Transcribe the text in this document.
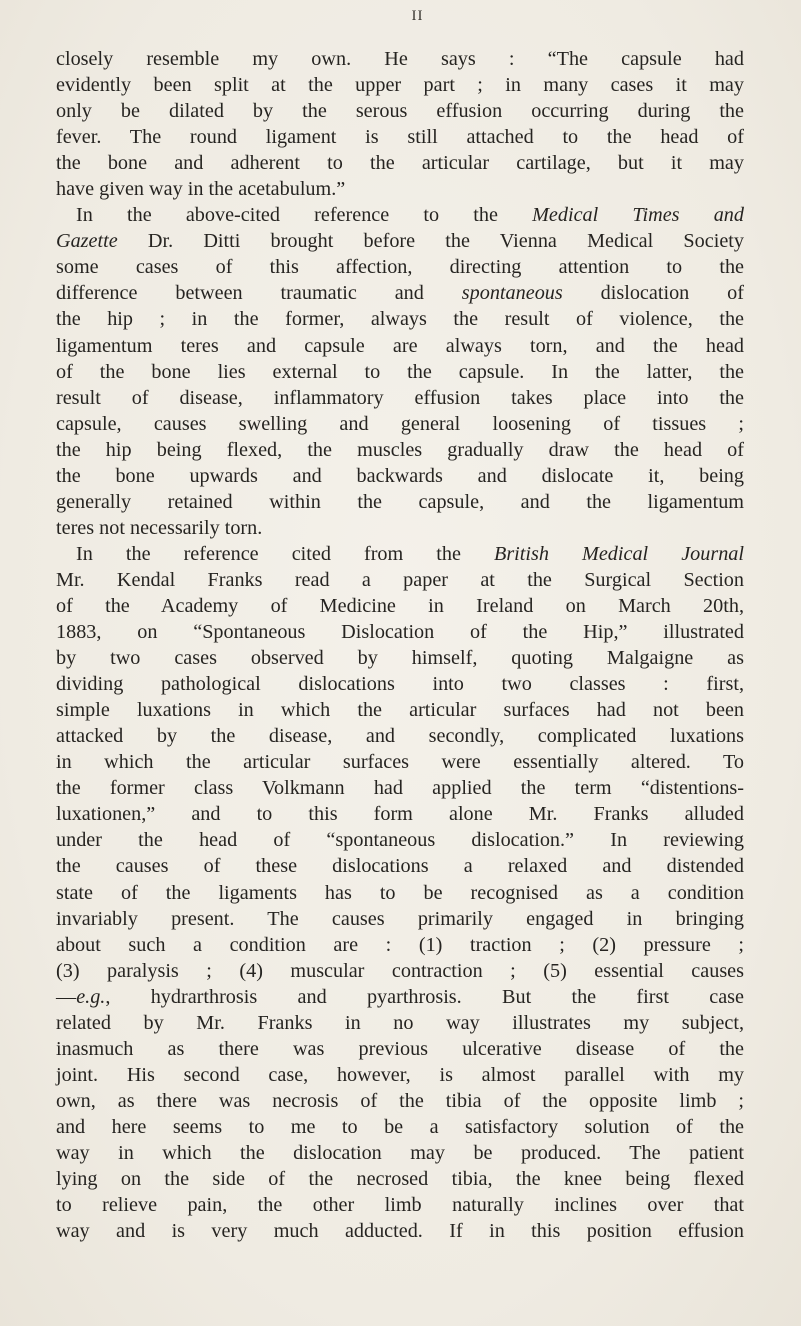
II
closely resemble my own. He says : “The capsule had
evidently been split at the upper part ; in many cases it may
only be dilated by the serous effusion occurring during the
fever. The round ligament is still attached to the head of
the bone and adherent to the articular cartilage, but it may
have given way in the acetabulum.”
In the above-cited reference to the Medical Times and
Gazette Dr. Ditti brought before the Vienna Medical Society
some cases of this affection, directing attention to the
difference between traumatic and spontaneous dislocation of
the hip ; in the former, always the result of violence, the
ligamentum teres and capsule are always torn, and the head
of the bone lies external to the capsule. In the latter, the
result of disease, inflammatory effusion takes place into the
capsule, causes swelling and general loosening of tissues ;
the hip being flexed, the muscles gradually draw the head of
the bone upwards and backwards and dislocate it, being
generally retained within the capsule, and the ligamentum
teres not necessarily torn.
In the reference cited from the British Medical Journal
Mr. Kendal Franks read a paper at the Surgical Section
of the Academy of Medicine in Ireland on March 20th,
1883, on “Spontaneous Dislocation of the Hip,” illustrated
by two cases observed by himself, quoting Malgaigne as
dividing pathological dislocations into two classes : first,
simple luxations in which the articular surfaces had not been
attacked by the disease, and secondly, complicated luxations
in which the articular surfaces were essentially altered. To
the former class Volkmann had applied the term “distentions-
luxationen,” and to this form alone Mr. Franks alluded
under the head of “spontaneous dislocation.” In reviewing
the causes of these dislocations a relaxed and distended
state of the ligaments has to be recognised as a condition
invariably present. The causes primarily engaged in bringing
about such a condition are : (1) traction ; (2) pressure ;
(3) paralysis ; (4) muscular contraction ; (5) essential causes
—e.g., hydrarthrosis and pyarthrosis. But the first case
related by Mr. Franks in no way illustrates my subject,
inasmuch as there was previous ulcerative disease of the
joint. His second case, however, is almost parallel with my
own, as there was necrosis of the tibia of the opposite limb ;
and here seems to me to be a satisfactory solution of the
way in which the dislocation may be produced. The patient
lying on the side of the necrosed tibia, the knee being flexed
to relieve pain, the other limb naturally inclines over that
way and is very much adducted. If in this position effusion
